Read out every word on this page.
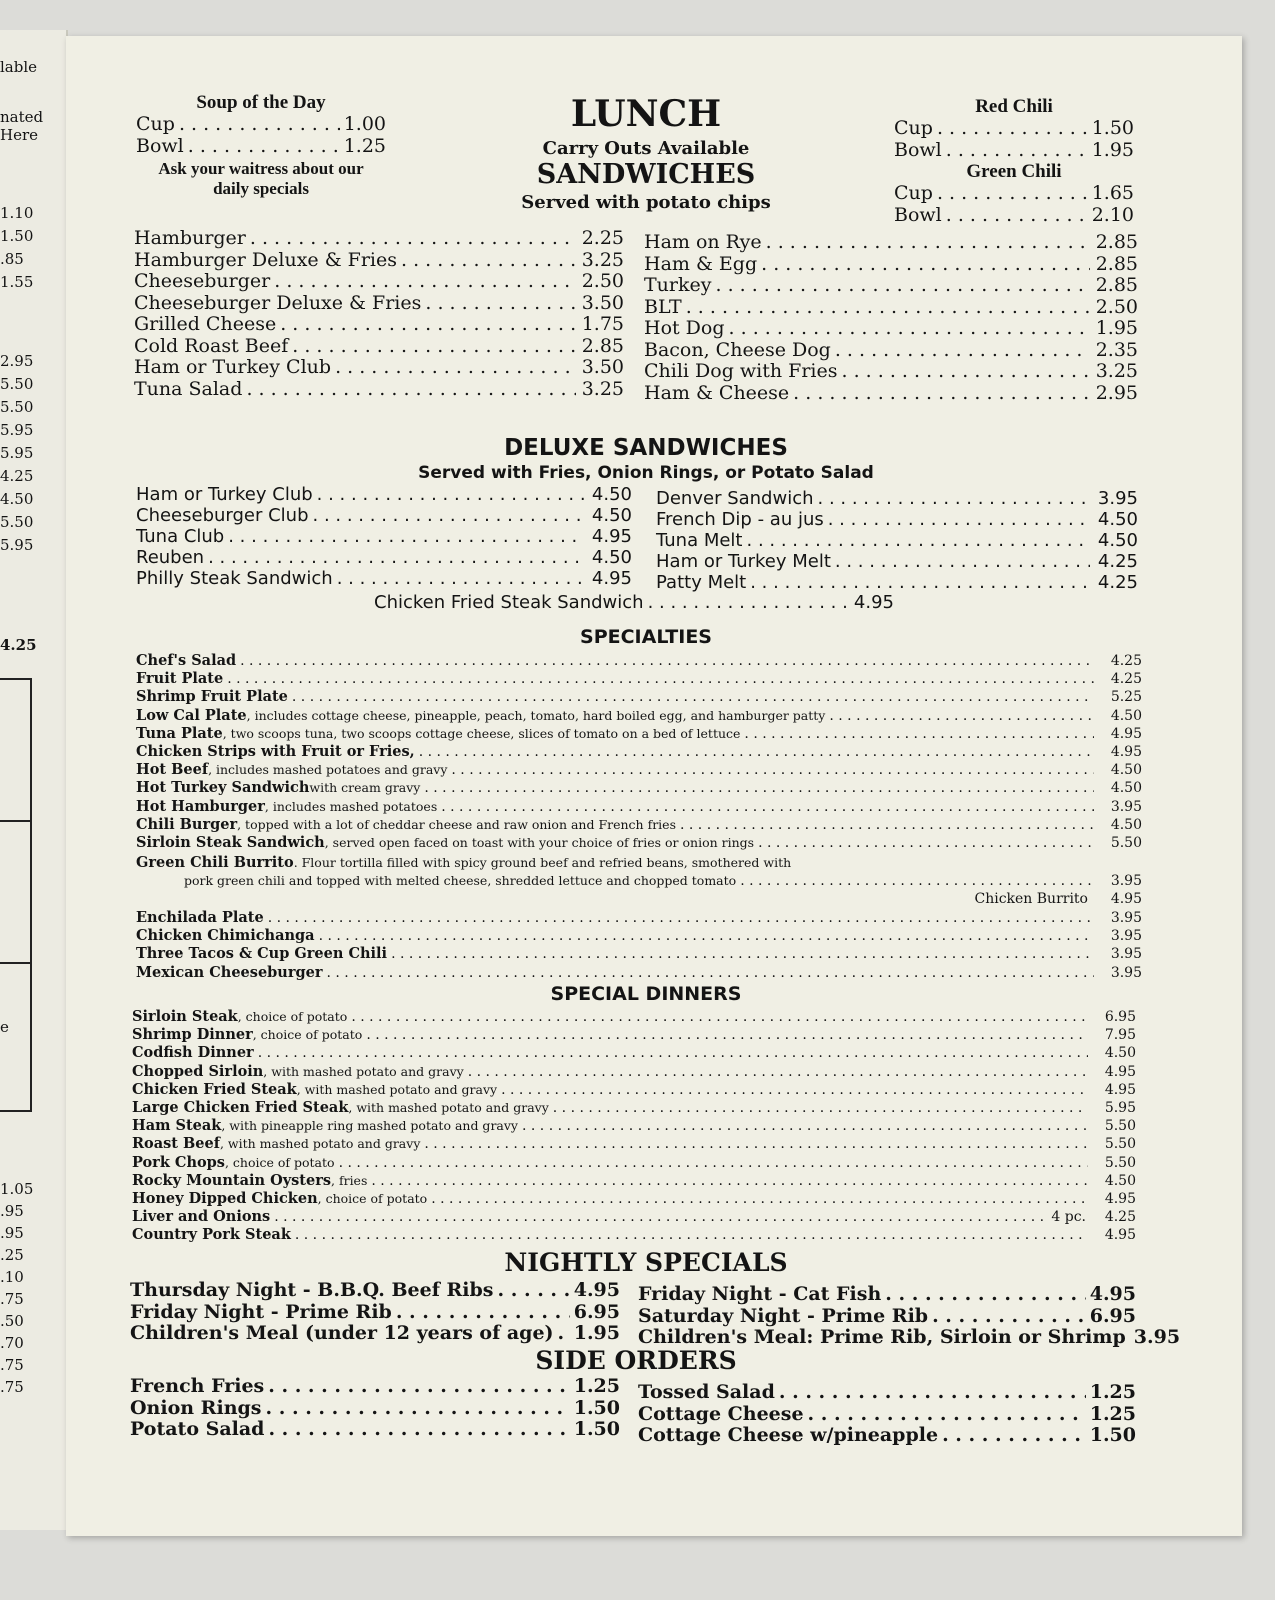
lable
nated
Here
1.10
1.50
.85
1.55
2.95
5.50
5.50
5.95
5.95
4.25
4.50
5.50
5.95
4.25
e
1.05
.95
.95
.25
.10
.75
.50
.70
.75
.75
Soup of the Day
Cup . . .	1.00
Bowl . . .	1.25
Ask your waitress about our daily specials
LUNCH
Carry Outs Available
SANDWICHES
Served with potato chips
Red Chili
Cup . . .	1.50
Bowl . . .	1.95
Green Chili
Cup . . .	1.65
Bowl . . .	2.10
Hamburger . . .	2.25
Hamburger Deluxe & Fries . . .	3.25
Cheeseburger . . .	2.50
Cheeseburger Deluxe & Fries . . .	3.50
Grilled Cheese . . .	1.75
Cold Roast Beef . . .	2.85
Ham or Turkey Club . . .	3.50
Tuna Salad . . .	3.25
Ham on Rye . . .	2.85
Ham & Egg . . .	2.85
Turkey . . .	2.85
BLT . . .	2.50
Hot Dog . . .	1.95
Bacon, Cheese Dog . . .	2.35
Chili Dog with Fries . . .	3.25
Ham & Cheese . . .	2.95
DELUXE SANDWICHES
Served with Fries, Onion Rings, or Potato Salad
Ham or Turkey Club . . .	4.50
Cheeseburger Club . . .	4.50
Tuna Club . . .	4.95
Reuben . . .	4.50
Philly Steak Sandwich . . .	4.95
Denver Sandwich . . .	3.95
French Dip - au jus . . .	4.50
Tuna Melt . . .	4.50
Ham or Turkey Melt . . .	4.25
Patty Melt . . .	4.25
Chicken Fried Steak Sandwich . . .	4.95
SPECIALTIES
Chef's Salad . . .	4.25
Fruit Plate . . .	4.25
Shrimp Fruit Plate . . .	5.25
Low Cal Plate , includes cottage cheese, pineapple, peach, tomato, hard boiled egg, and hamburger patty . . .	4.50
Tuna Plate , two scoops tuna, two scoops cottage cheese, slices of tomato on a bed of lettuce . . .	4.95
Chicken Strips with Fruit or Fries, . . .	4.95
Hot Beef , includes mashed potatoes and gravy . . .	4.50
Hot Turkey Sandwich with cream gravy . . .	4.50
Hot Hamburger , includes mashed potatoes . . .	3.95
Chili Burger , topped with a lot of cheddar cheese and raw onion and French fries . . .	4.50
Sirloin Steak Sandwich , served open faced on toast with your choice of fries or onion rings . . .	5.50
Green Chili Burrito. Flour tortilla filled with spicy ground beef and refried beans, smothered with
pork green chili and topped with melted cheese, shredded lettuce and chopped tomato . . .	3.95
Chicken Burrito	4.95
Enchilada Plate . . .	3.95
Chicken Chimichanga . . .	3.95
Three Tacos & Cup Green Chili . . .	3.95
Mexican Cheeseburger . . .	3.95
SPECIAL DINNERS
Sirloin Steak , choice of potato . . .	6.95
Shrimp Dinner , choice of potato . . .	7.95
Codfish Dinner . . .	4.50
Chopped Sirloin , with mashed potato and gravy . . .	4.95
Chicken Fried Steak , with mashed potato and gravy . . .	4.95
Large Chicken Fried Steak , with mashed potato and gravy . . .	5.95
Ham Steak , with pineapple ring mashed potato and gravy . . .	5.50
Roast Beef , with mashed potato and gravy . . .	5.50
Pork Chops , choice of potato . . .	5.50
Rocky Mountain Oysters , fries . . .	4.50
Honey Dipped Chicken , choice of potato . . .	4.95
Liver and Onions . . .	4 pc.	4.25
Country Pork Steak . . .	4.95
NIGHTLY SPECIALS
Thursday Night - B.B.Q. Beef Ribs . . .	4.95
Friday Night - Prime Rib . . .	6.95
Children's Meal (under 12 years of age) . . . 1.95
Friday Night - Cat Fish . . .	4.95
Saturday Night - Prime Rib . . .	6.95
Children's Meal: Prime Rib, Sirloin or Shrimp 3.95
SIDE ORDERS
French Fries . . .	1.25
Onion Rings . . .	1.50
Potato Salad . . .	1.50
Tossed Salad . . .	1.25
Cottage Cheese . . .	1.25
Cottage Cheese w/pineapple . . .	1.50
